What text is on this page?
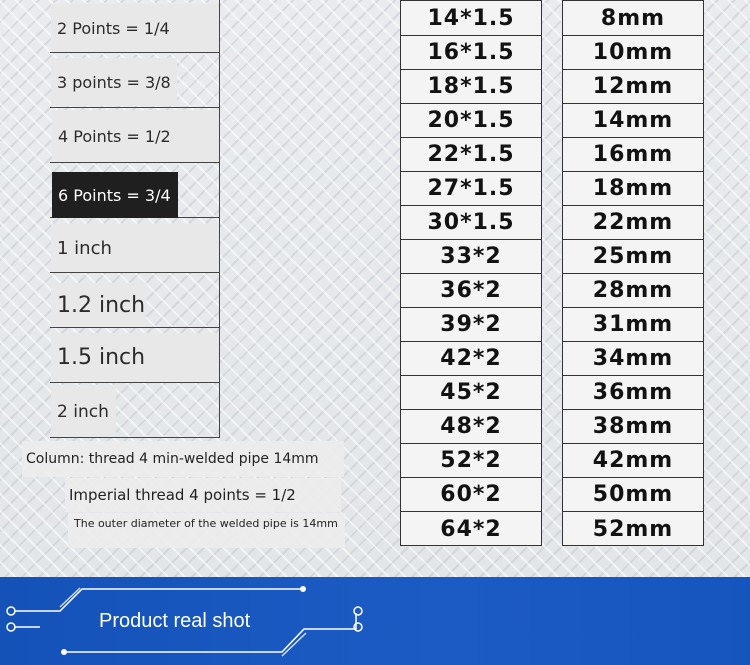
2 Points = 1/4
3 points = 3/8
4 Points = 1/2
6 Points = 3/4
1 inch
1.2 inch
1.5 inch
2 inch
Column: thread 4 min-welded pipe 14mm
Imperial thread 4 points = 1/2
The outer diameter of the welded pipe is 14mm
14*1.5
16*1.5
18*1.5
20*1.5
22*1.5
27*1.5
30*1.5
33*2
36*2
39*2
42*2
45*2
48*2
52*2
60*2
64*2
8mm
10mm
12mm
14mm
16mm
18mm
22mm
25mm
28mm
31mm
34mm
36mm
38mm
42mm
50mm
52mm
Product real shot
